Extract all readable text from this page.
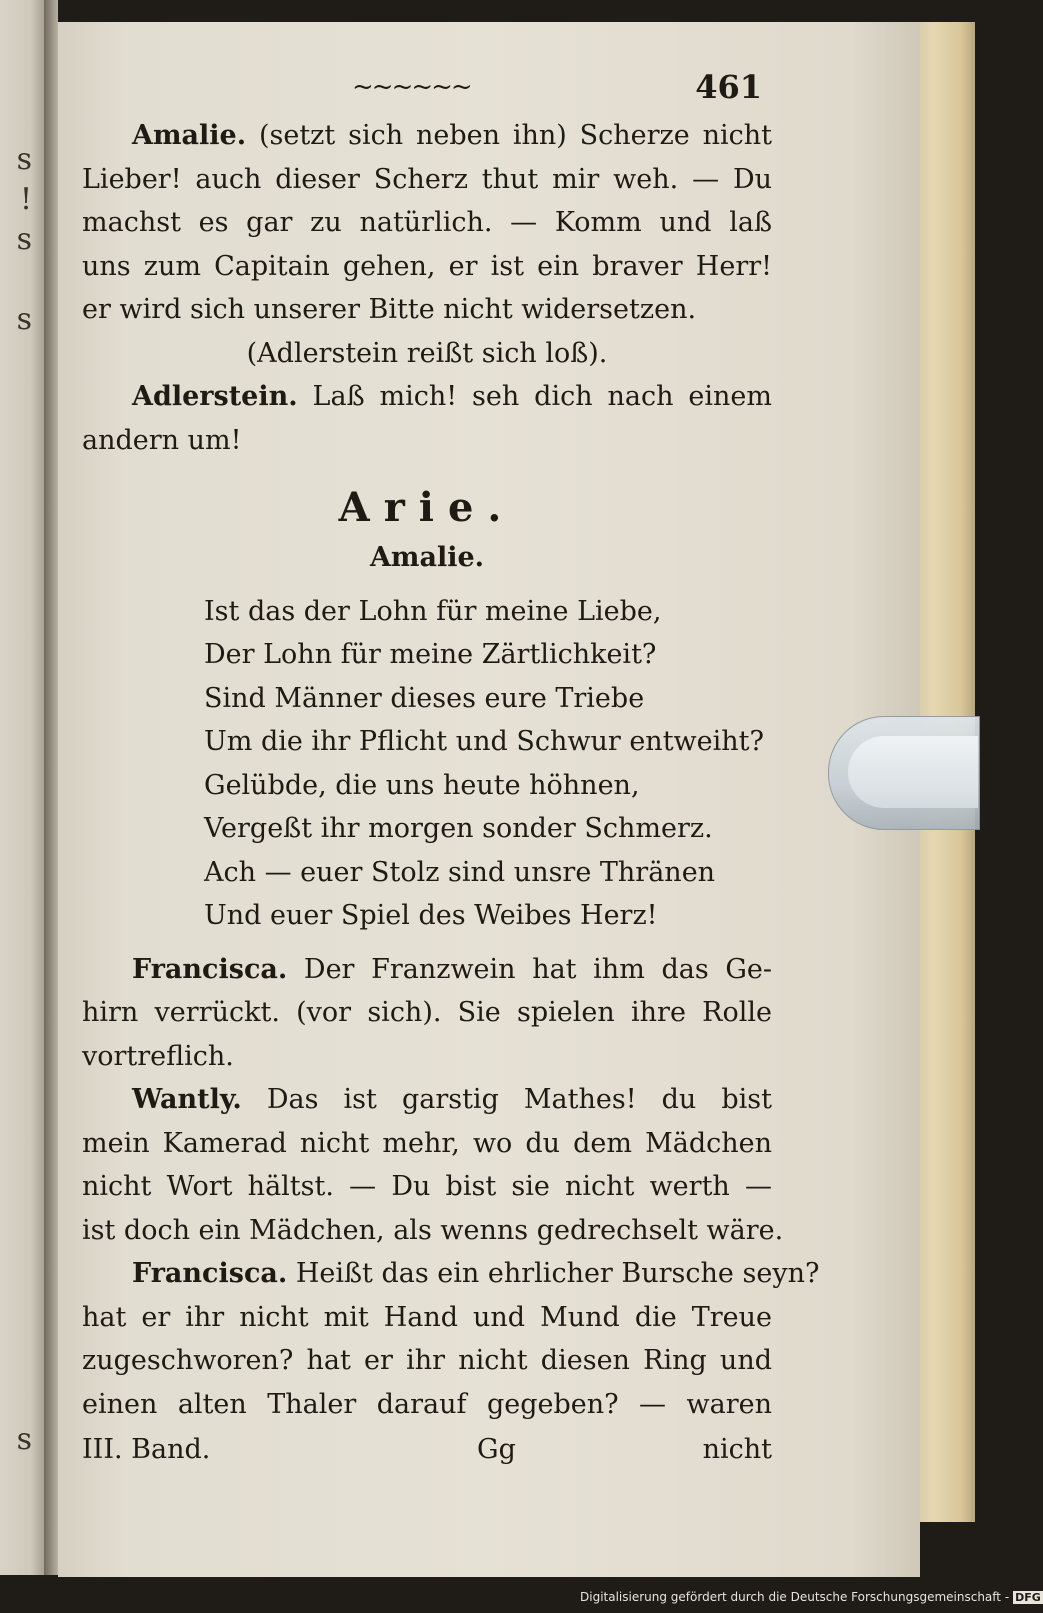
s
!
s
s
s
~~~~~~	461
Amalie. (setzt sich neben ihn) Scherze nicht
Lieber! auch dieser Scherz thut mir weh. — Du
machst es gar zu natürlich. — Komm und laß
uns zum Capitain gehen, er ist ein braver Herr!
er wird sich unserer Bitte nicht widersetzen.
(Adlerstein reißt sich loß).
Adlerstein. Laß mich! seh dich nach einem
andern um!
Arie.
Amalie.
Ist das der Lohn für meine Liebe,
Der Lohn für meine Zärtlichkeit?
Sind Männer dieses eure Triebe
Um die ihr Pflicht und Schwur entweiht?
Gelübde, die uns heute höhnen,
Vergeßt ihr morgen sonder Schmerz.
Ach — euer Stolz sind unsre Thränen
Und euer Spiel des Weibes Herz!
Francisca. Der Franzwein hat ihm das Ge-
hirn verrückt. (vor sich). Sie spielen ihre Rolle
vortreflich.
Wantly. Das ist garstig Mathes! du bist
mein Kamerad nicht mehr, wo du dem Mädchen
nicht Wort hältst. — Du bist sie nicht werth —
ist doch ein Mädchen, als wenns gedrechselt wäre.
Francisca. Heißt das ein ehrlicher Bursche seyn?
hat er ihr nicht mit Hand und Mund die Treue
zugeschworen? hat er ihr nicht diesen Ring und
einen alten Thaler darauf gegeben? — waren
III. Band.	Gg	nicht
Digitalisierung gefördert durch die Deutsche Forschungsgemeinschaft - DFG
